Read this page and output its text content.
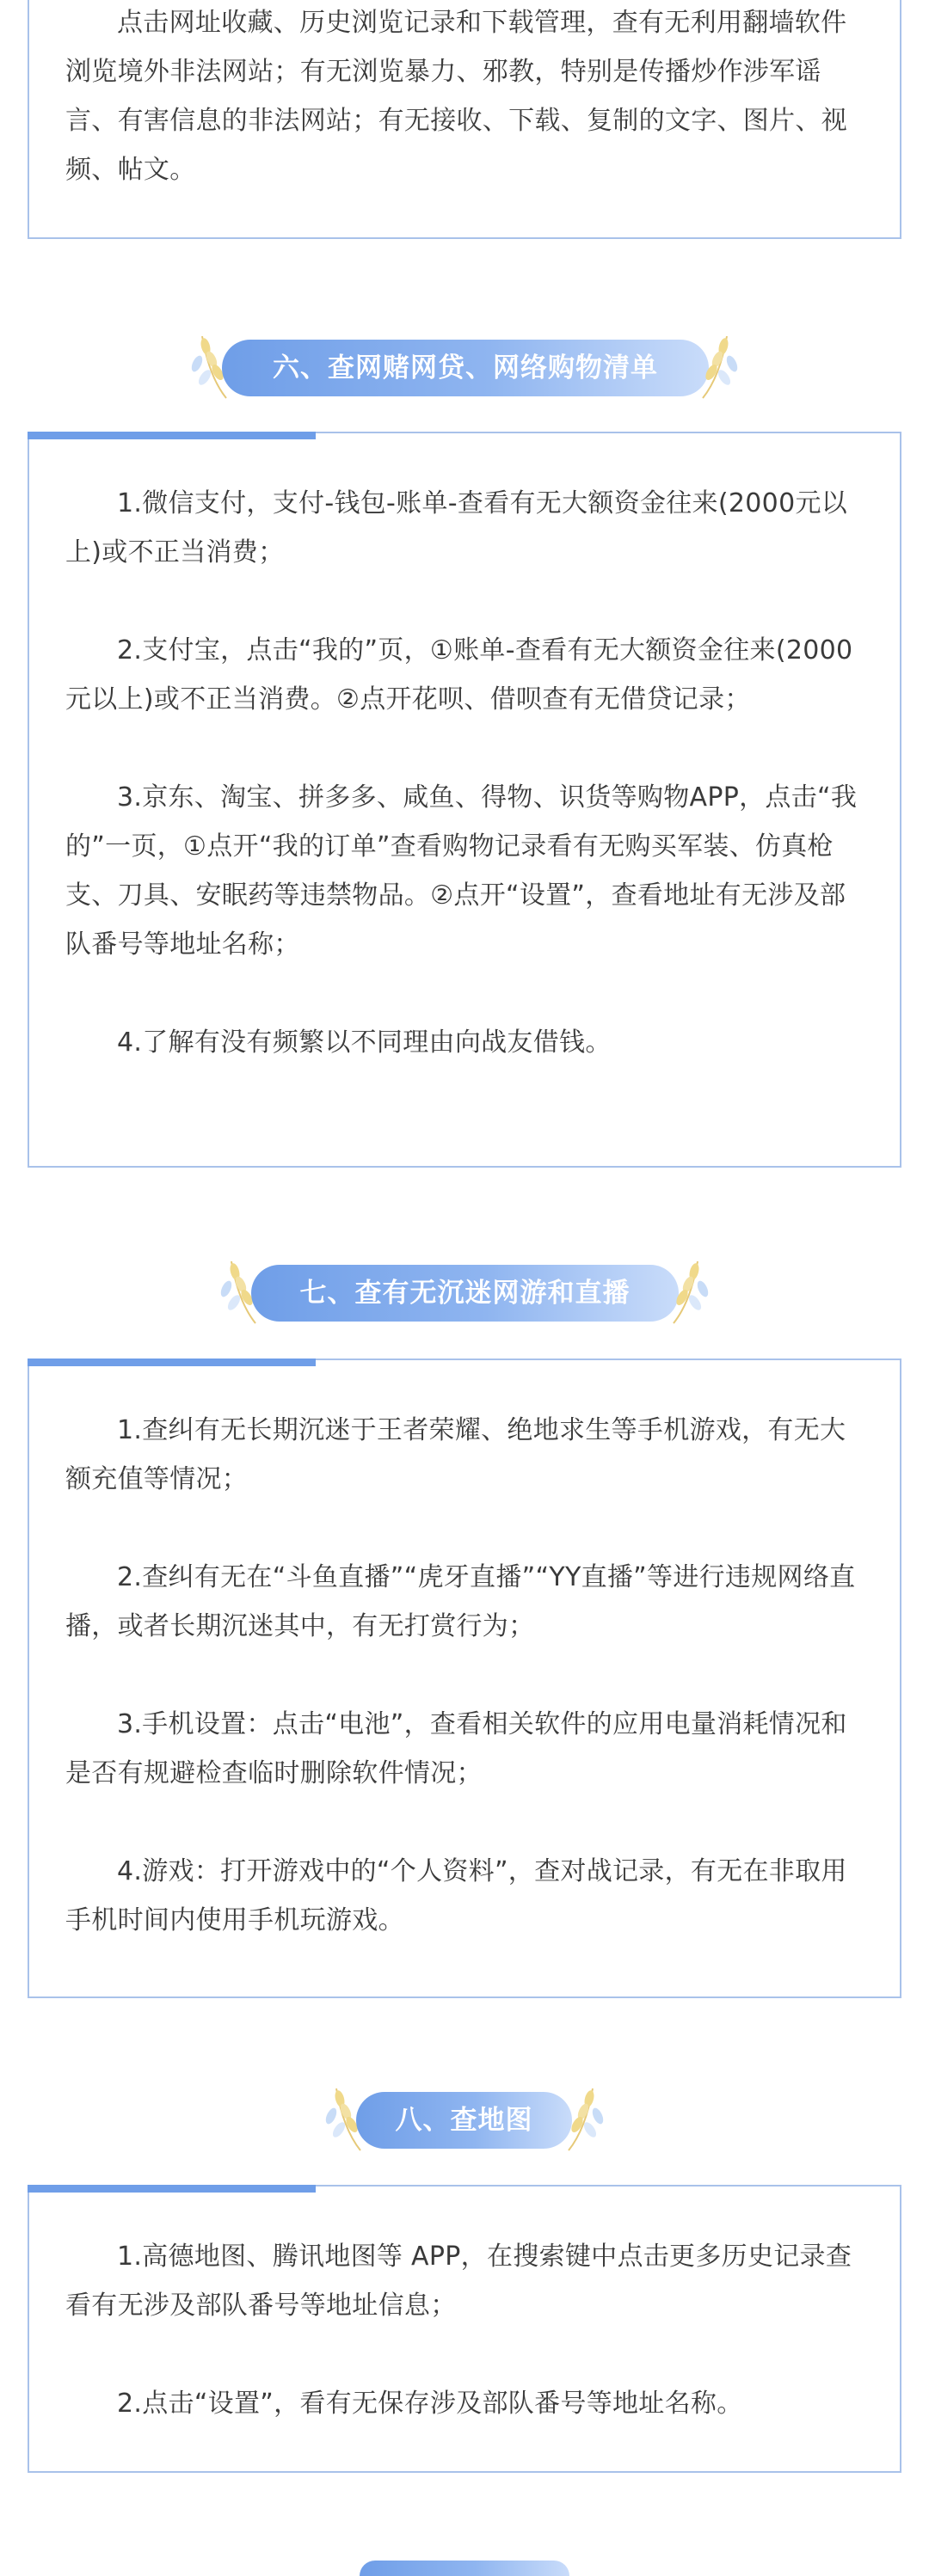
点击网址收藏、历史浏览记录和下载管理，查有无利用翻墙软件浏览境外非法网站；有无浏览暴力、邪教，特别是传播炒作涉军谣言、有害信息的非法网站；有无接收、下载、复制的文字、图片、视频、帖文。

六、查网赌网贷、网络购物清单

1.微信支付，支付-钱包-账单-查看有无大额资金往来(2000元以上)或不正当消费；

2.支付宝，点击“我的”页，①账单-查看有无大额资金往来(2000 元以上)或不正当消费。②点开花呗、借呗查有无借贷记录；

3.京东、淘宝、拼多多、咸鱼、得物、识货等购物APP，点击“我的”一页，①点开“我的订单”查看购物记录看有无购买军装、仿真枪支、刀具、安眠药等违禁物品。②点开“设置”，查看地址有无涉及部队番号等地址名称；

4.了解有没有频繁以不同理由向战友借钱。

七、查有无沉迷网游和直播

1.查纠有无长期沉迷于王者荣耀、绝地求生等手机游戏，有无大额充值等情况；

2.查纠有无在“斗鱼直播”“虎牙直播”“YY直播”等进行违规网络直播，或者长期沉迷其中，有无打赏行为；

3.手机设置：点击“电池”，查看相关软件的应用电量消耗情况和是否有规避检查临时删除软件情况；

4.游戏：打开游戏中的“个人资料”，查对战记录，有无在非取用手机时间内使用手机玩游戏。

八、查地图

1.高德地图、腾讯地图等 APP，在搜索键中点击更多历史记录查看有无涉及部队番号等地址信息；

2.点击“设置”，看有无保存涉及部队番号等地址名称。
